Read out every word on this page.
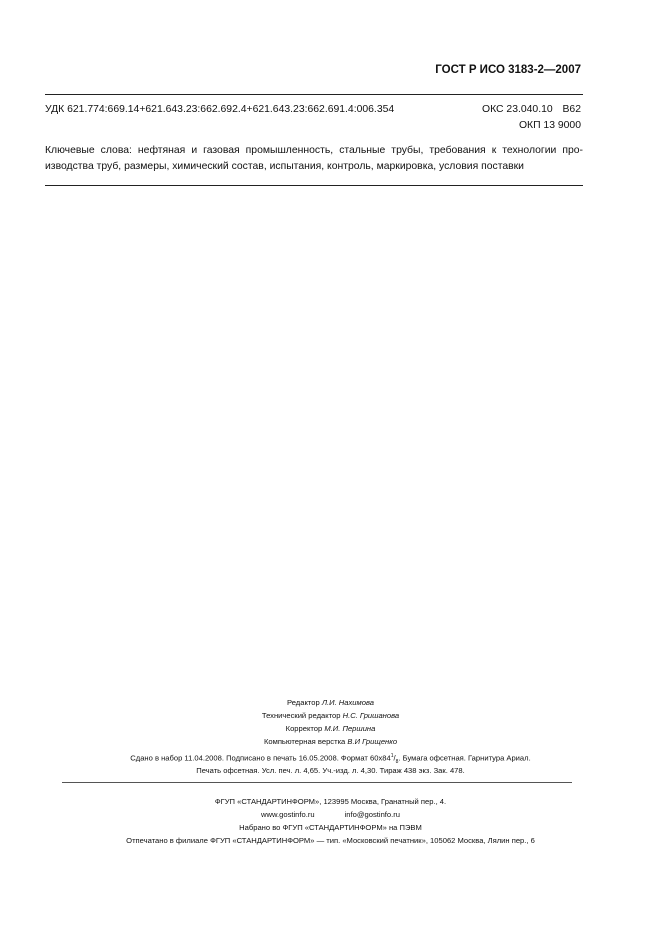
ГОСТ Р ИСО 3183-2—2007
УДК 621.774:669.14+621.643.23:662.692.4+621.643.23:662.691.4:006.354	ОКС 23.040.10 В62
ОКП 13 9000
Ключевые слова: нефтяная и газовая промышленность, стальные трубы, требования к технологии про-
изводства труб, размеры, химический состав, испытания, контроль, маркировка, условия поставки
Редактор Л.И. Нахимова
Технический редактор Н.С. Гришанова
Корректор М.И. Першина
Компьютерная верстка В.И Грищенко
Сдано в набор 11.04.2008. Подписано в печать 16.05.2008. Формат $60x84^1/_8$. Бумага офсетная. Гарнитура Ариал.
Печать офсетная. Усл. печ. л. 4,65. Уч.-изд. л. 4,30. Тираж 438 экз. Зак. 478.
ФГУП «СТАНДАРТИНФОРМ», 123995 Москва, Гранатный пер., 4.
www.gostinfo.ru	info@gostinfo.ru
Набрано во ФГУП «СТАНДАРТИНФОРМ» на ПЭВМ
Отпечатано в филиале ФГУП «СТАНДАРТИНФОРМ» — тип. «Московский печатник», 105062 Москва, Лялин пер., 6
